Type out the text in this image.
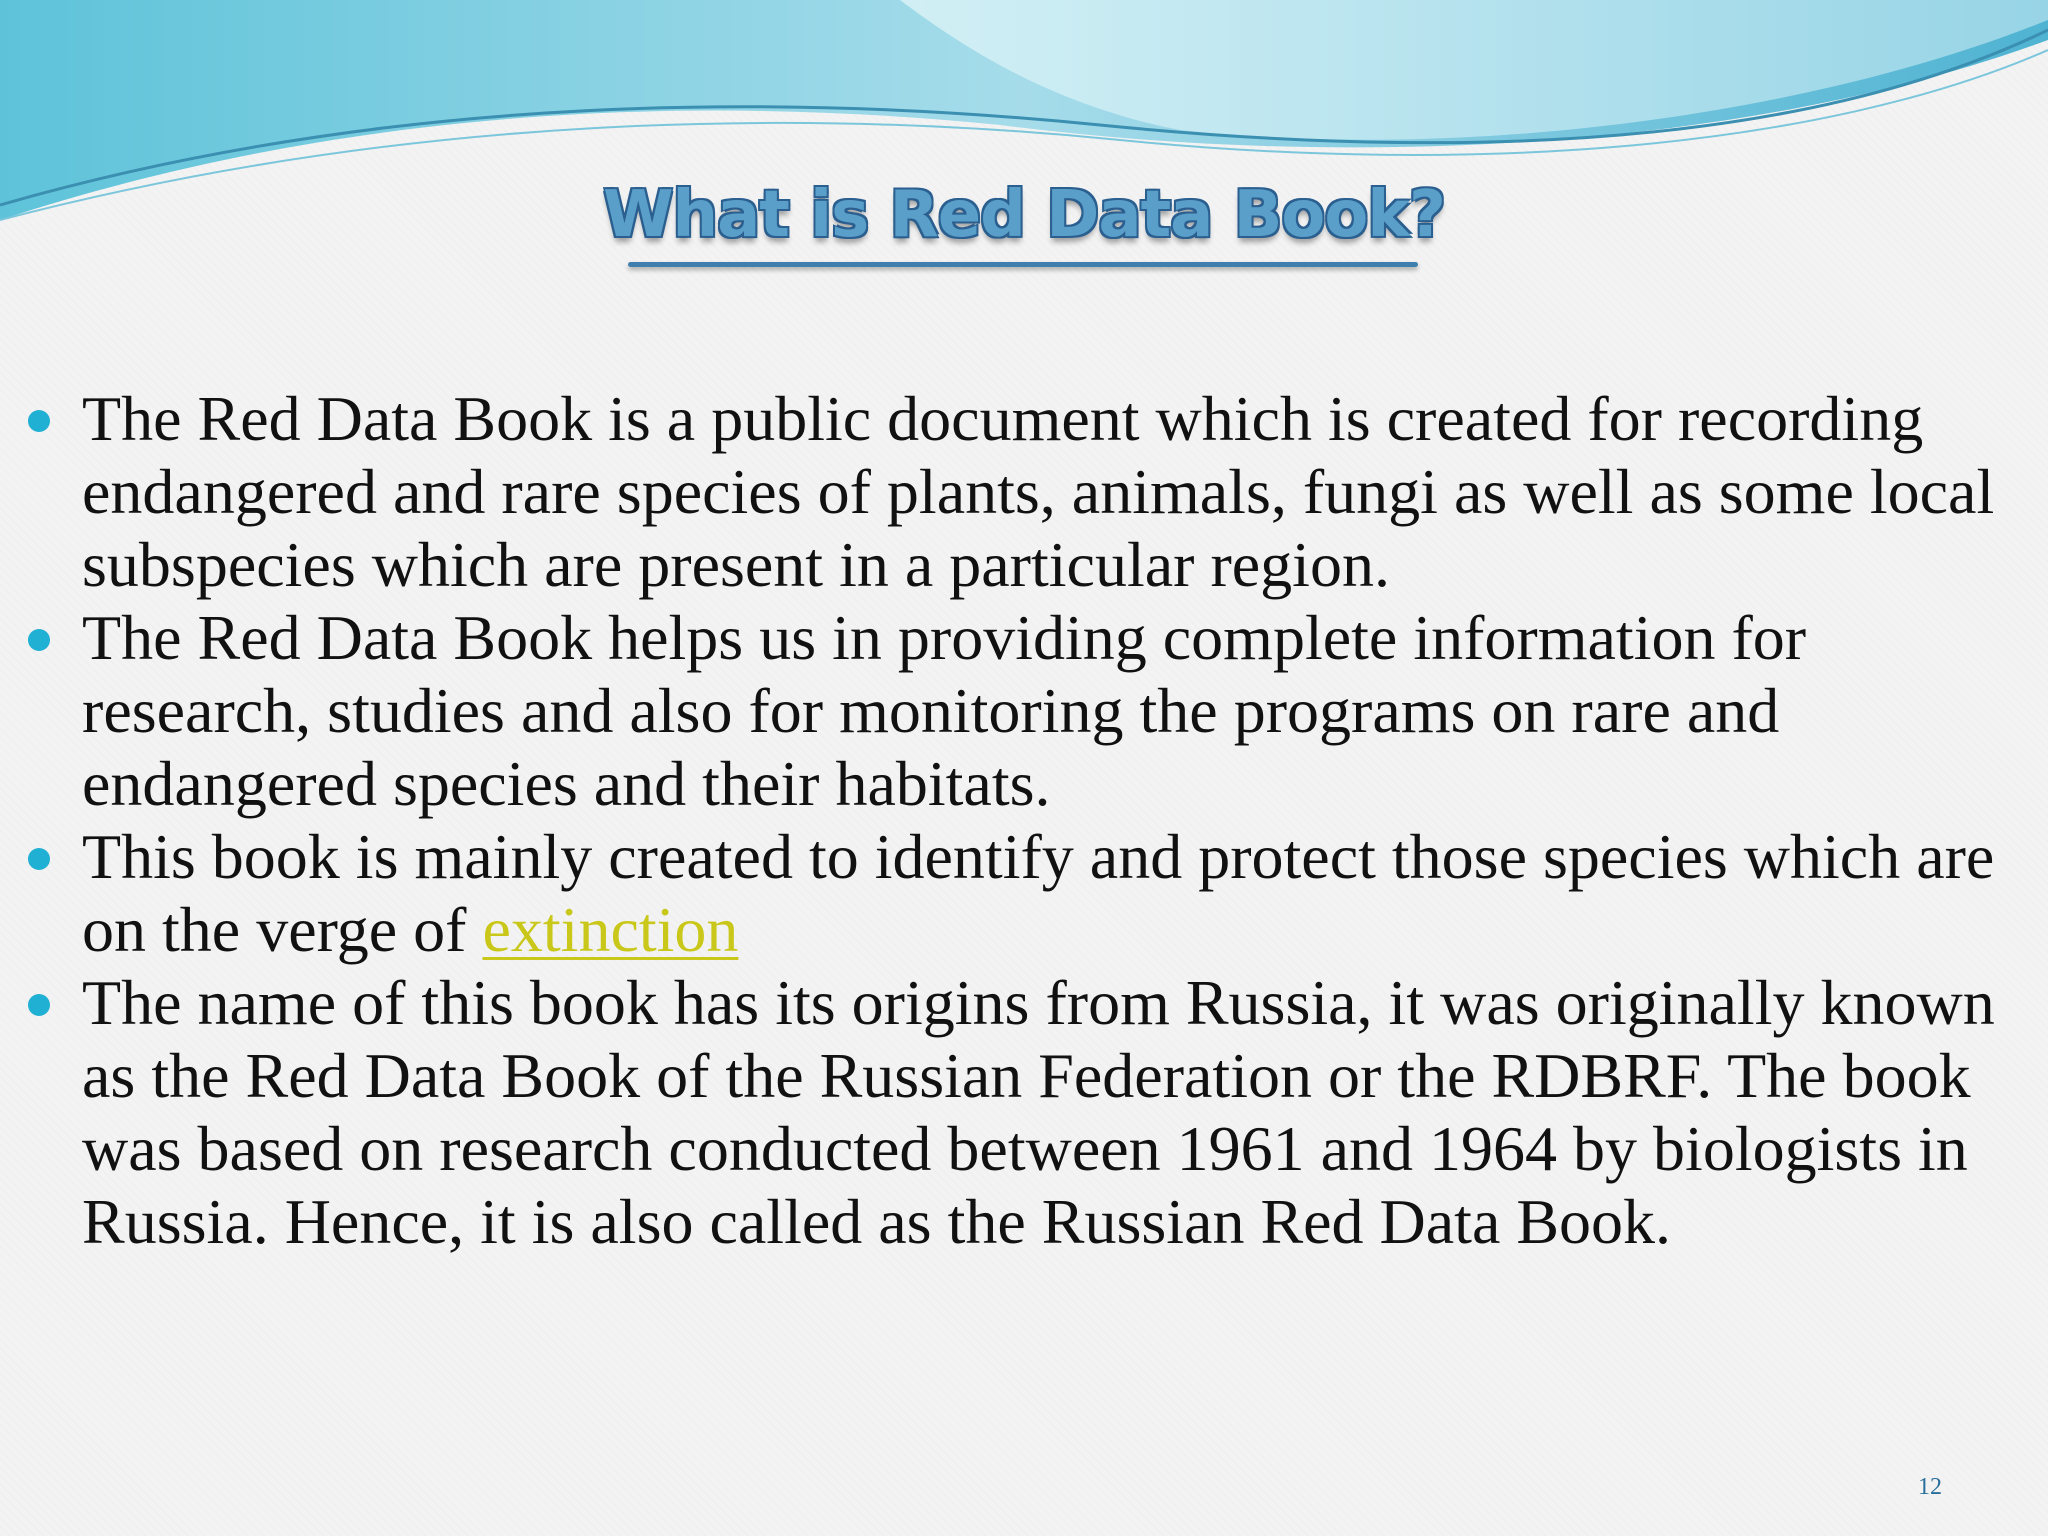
What is Red Data Book?
The Red Data Book is a public document which is created for recording endangered and rare species of plants, animals, fungi as well as some local subspecies which are present in a particular region.
The Red Data Book helps us in providing complete information for research, studies and also for monitoring the programs on rare and endangered species and their habitats.
This book is mainly created to identify and protect those species which are on the verge of extinction
The name of this book has its origins from Russia, it was originally known as the Red Data Book of the Russian Federation or the RDBRF. The book was based on research conducted between 1961 and 1964 by biologists in Russia. Hence, it is also called as the Russian Red Data Book.
12
